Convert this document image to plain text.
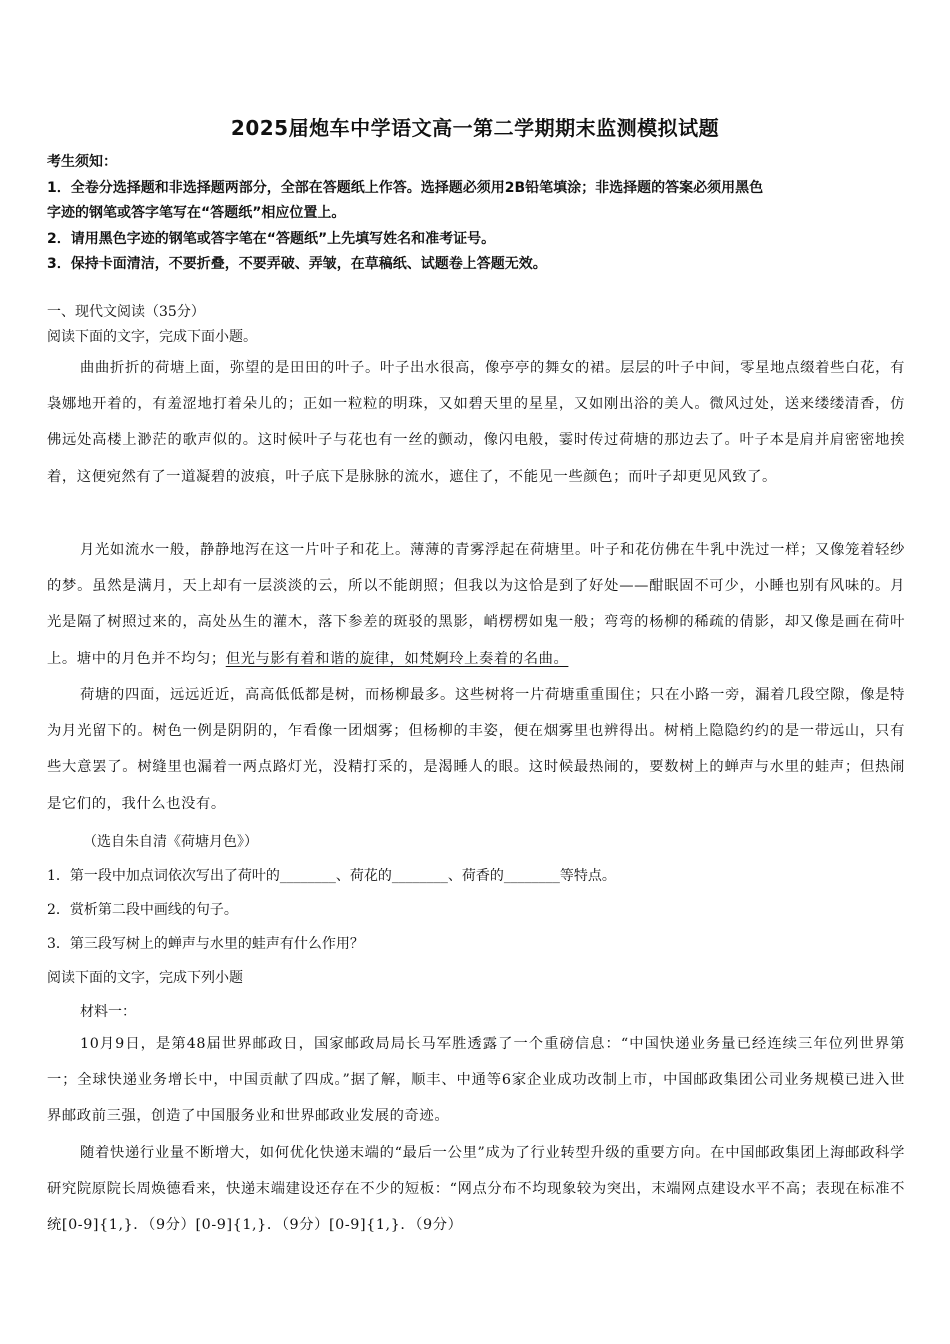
2025届炮车中学语文高一第二学期期末监测模拟试题
考生须知：
1．全卷分选择题和非选择题两部分，全部在答题纸上作答。选择题必须用2B铅笔填涂；非选择题的答案必须用黑色
字迹的钢笔或答字笔写在“答题纸”相应位置上。
2．请用黑色字迹的钢笔或答字笔在“答题纸”上先填写姓名和准考证号。
3．保持卡面清洁，不要折叠，不要弄破、弄皱，在草稿纸、试题卷上答题无效。
一、现代文阅读（35分）
阅读下面的文字，完成下面小题。
曲曲折折的荷塘上面，弥望的是田田的叶子。叶子出水很高，像亭亭的舞女的裙。层层的叶子中间，零星地点缀着些白花，有袅娜地开着的，有羞涩地打着朵儿的；正如一粒粒的明珠，又如碧天里的星星，又如刚出浴的美人。微风过处，送来缕缕清香，仿佛远处高楼上渺茫的歌声似的。这时候叶子与花也有一丝的颤动，像闪电般，霎时传过荷塘的那边去了。叶子本是肩并肩密密地挨着，这便宛然有了一道凝碧的波痕，叶子底下是脉脉的流水，遮住了，不能见一些颜色；而叶子却更见风致了。
月光如流水一般，静静地泻在这一片叶子和花上。薄薄的青雾浮起在荷塘里。叶子和花仿佛在牛乳中洗过一样；又像笼着轻纱的梦。虽然是满月，天上却有一层淡淡的云，所以不能朗照；但我以为这恰是到了好处——酣眠固不可少，小睡也别有风味的。月光是隔了树照过来的，高处丛生的灌木，落下参差的斑驳的黑影，峭楞楞如鬼一般；弯弯的杨柳的稀疏的倩影，却又像是画在荷叶上。塘中的月色并不均匀；但光与影有着和谐的旋律，如梵婀玲上奏着的名曲。
荷塘的四面，远远近近，高高低低都是树，而杨柳最多。这些树将一片荷塘重重围住；只在小路一旁，漏着几段空隙，像是特为月光留下的。树色一例是阴阴的，乍看像一团烟雾；但杨柳的丰姿，便在烟雾里也辨得出。树梢上隐隐约约的是一带远山，只有些大意罢了。树缝里也漏着一两点路灯光，没精打采的，是渴睡人的眼。这时候最热闹的，要数树上的蝉声与水里的蛙声；但热闹是它们的，我什么也没有。
（选自朱自清《荷塘月色》）
1．第一段中加点词依次写出了荷叶的________、荷花的________、荷香的________等特点。
2．赏析第二段中画线的句子。
3．第三段写树上的蝉声与水里的蛙声有什么作用？
阅读下面的文字，完成下列小题
材料一：
10月9日，是第48届世界邮政日，国家邮政局局长马军胜透露了一个重磅信息：“中国快递业务量已经连续三年位列世界第一；全球快递业务增长中，中国贡献了四成。”据了解，顺丰、中通等6家企业成功改制上市，中国邮政集团公司业务规模已进入世界邮政前三强，创造了中国服务业和世界邮政业发展的奇迹。
随着快递行业量不断增大，如何优化快递末端的“最后一公里”成为了行业转型升级的重要方向。在中国邮政集团上海邮政科学研究院原院长周焕德看来，快递末端建设还存在不少的短板：“网点分布不均现象较为突出，末端网点建设水平不高；表现在标准不统[0-9]{1,}．（9分）[0-9]{1,}．（9分）[0-9]{1,}．（9分）
